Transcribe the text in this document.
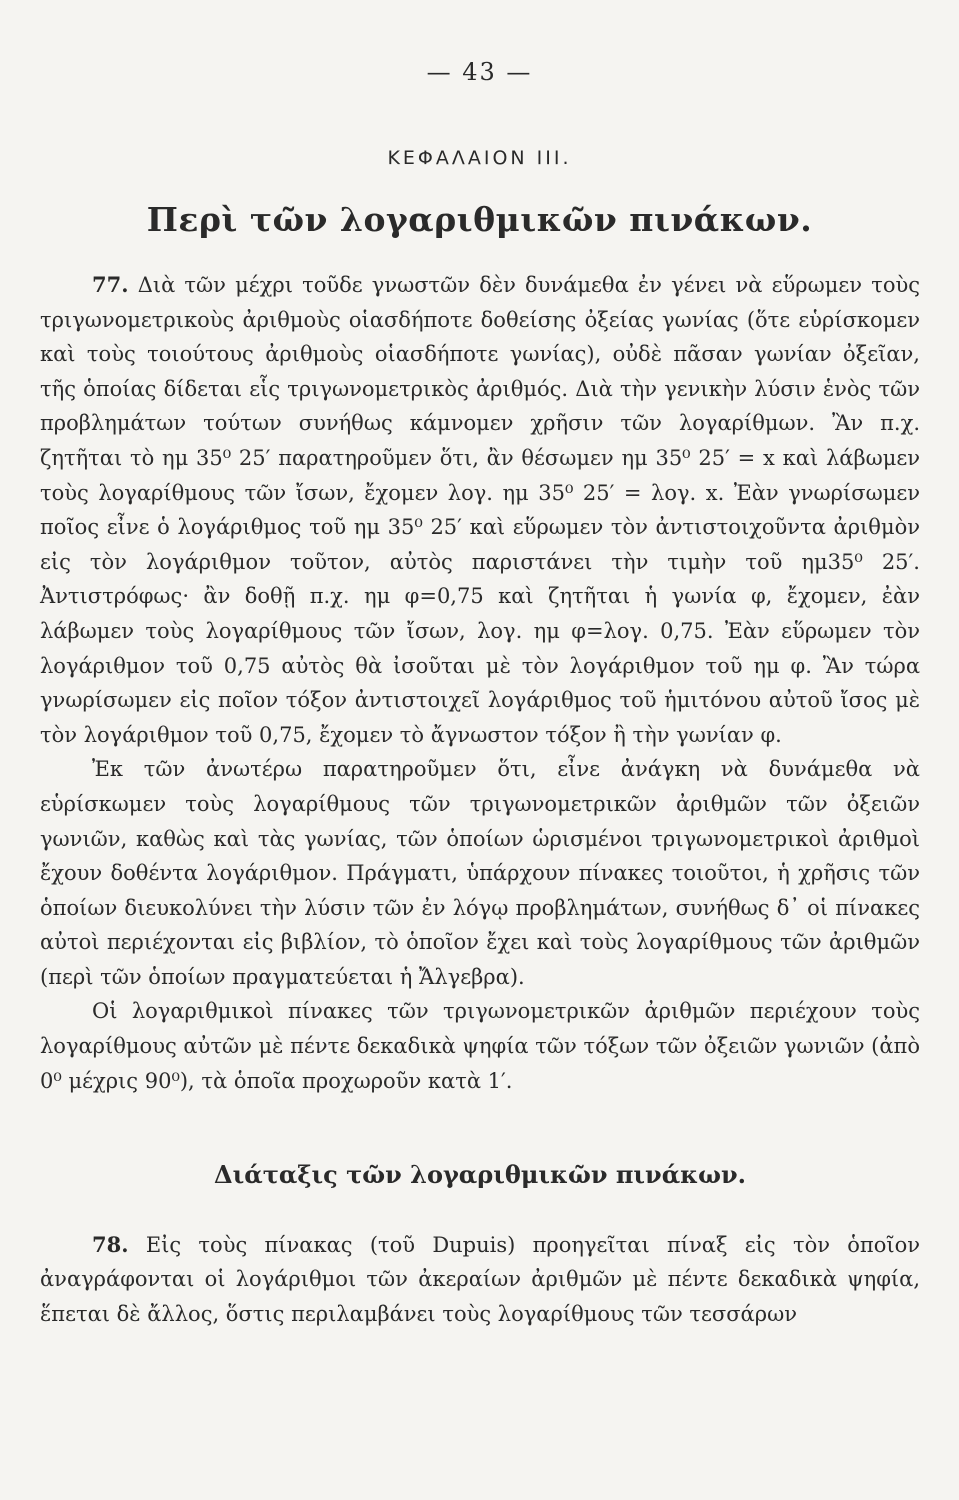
— 43 —
ΚΕΦΑΛΑΙΟΝ ΙΙΙ.
Περὶ τῶν λογαριθμικῶν πινάκων.

77. Διὰ τῶν μέχρι τοῦδε γνωστῶν δὲν δυνάμεθα ἐν γένει νὰ εὕρωμεν τοὺς τριγωνομετρικοὺς ἀριθμοὺς οἱασδήποτε δοθείσης ὀξείας γωνίας (ὅτε εὑρίσκομεν καὶ τοὺς τοιούτους ἀριθμοὺς οἱασδήποτε γωνίας), οὐδὲ πᾶσαν γωνίαν ὀξεῖαν, τῆς ὁποίας δίδεται εἷς τριγωνομετρικὸς ἀριθμός. Διὰ τὴν γενικὴν λύσιν ἑνὸς τῶν προβλημάτων τούτων συνήθως κάμνομεν χρῆσιν τῶν λογαρίθμων. Ἂν π.χ. ζητῆται τὸ ημ 35⁰ 25′ παρατηροῦμεν ὅτι, ἂν θέσωμεν ημ 35⁰ 25′ = x καὶ λάβωμεν τοὺς λογαρίθμους τῶν ἴσων, ἔχομεν λογ. ημ 35⁰ 25′ = λογ. x. Ἐὰν γνωρίσωμεν ποῖος εἶνε ὁ λογάριθμος τοῦ ημ 35⁰ 25′ καὶ εὕρωμεν τὸν ἀντιστοιχοῦντα ἀριθμὸν εἰς τὸν λογάριθμον τοῦτον, αὐτὸς παριστάνει τὴν τιμὴν τοῦ ημ35⁰ 25′. Ἀντιστρόφως· ἂν δοθῇ π.χ. ημ φ=0,75 καὶ ζητῆται ἡ γωνία φ, ἔχομεν, ἐὰν λάβωμεν τοὺς λογαρίθμους τῶν ἴσων, λογ. ημ φ=λογ. 0,75. Ἐὰν εὕρωμεν τὸν λογάριθμον τοῦ 0,75 αὐτὸς θὰ ἰσοῦται μὲ τὸν λογάριθμον τοῦ ημ φ. Ἂν τώρα γνωρίσωμεν εἰς ποῖον τόξον ἀντιστοιχεῖ λογάριθμος τοῦ ἡμιτόνου αὐτοῦ ἴσος μὲ τὸν λογάριθμον τοῦ 0,75, ἔχομεν τὸ ἄγνωστον τόξον ἢ τὴν γωνίαν φ.

Ἐκ τῶν ἀνωτέρω παρατηροῦμεν ὅτι, εἶνε ἀνάγκη νὰ δυνάμεθα νὰ εὑρίσκωμεν τοὺς λογαρίθμους τῶν τριγωνομετρικῶν ἀριθμῶν τῶν ὀξειῶν γωνιῶν, καθὼς καὶ τὰς γωνίας, τῶν ὁποίων ὡρισμένοι τριγωνομετρικοὶ ἀριθμοὶ ἔχουν δοθέντα λογάριθμον. Πράγματι, ὑπάρχουν πίνακες τοιοῦτοι, ἡ χρῆσις τῶν ὁποίων διευκολύνει τὴν λύσιν τῶν ἐν λόγῳ προβλημάτων, συνήθως δ᾽ οἱ πίνακες αὐτοὶ περιέχονται εἰς βιβλίον, τὸ ὁποῖον ἔχει καὶ τοὺς λογαρίθμους τῶν ἀριθμῶν (περὶ τῶν ὁποίων πραγματεύεται ἡ Ἄλγεβρα).

Οἱ λογαριθμικοὶ πίνακες τῶν τριγωνομετρικῶν ἀριθμῶν περιέχουν τοὺς λογαρίθμους αὐτῶν μὲ πέντε δεκαδικὰ ψηφία τῶν τόξων τῶν ὀξειῶν γωνιῶν (ἀπὸ 0⁰ μέχρις 90⁰), τὰ ὁποῖα προχωροῦν κατὰ 1′.

Διάταξις τῶν λογαριθμικῶν πινάκων.

78. Εἰς τοὺς πίνακας (τοῦ Dupuis) προηγεῖται πίναξ εἰς τὸν ὁποῖον ἀναγράφονται οἱ λογάριθμοι τῶν ἀκεραίων ἀριθμῶν μὲ πέντε δεκαδικὰ ψηφία, ἕπεται δὲ ἄλλος, ὅστις περιλαμβάνει τοὺς λογαρίθμους τῶν τεσσάρων
